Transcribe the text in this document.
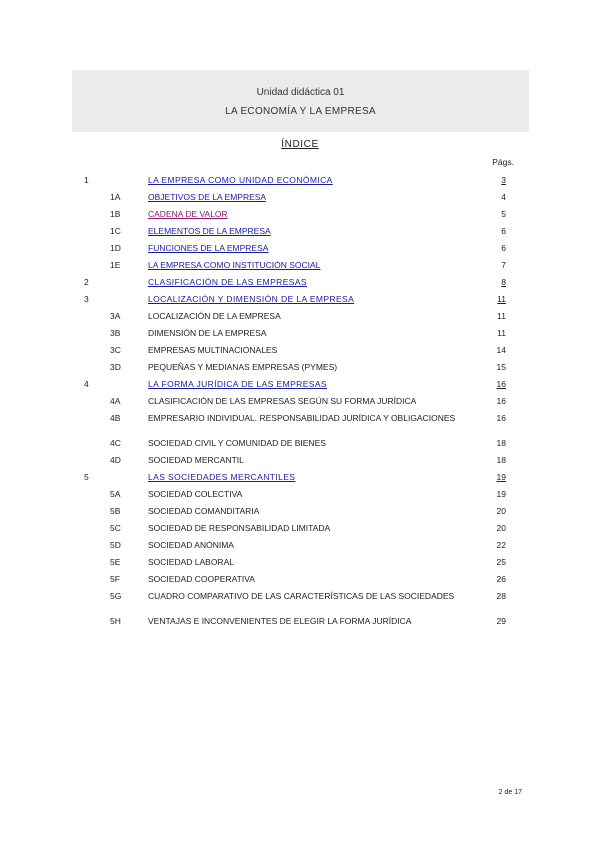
Unidad didáctica 01
LA ECONOMÍA Y LA EMPRESA
ÍNDICE
Págs.
1	LA EMPRESA COMO UNIDAD ECONÓMICA	3
1A	OBJETIVOS DE LA EMPRESA	4
1B	CADENA DE VALOR	5
1C	ELEMENTOS DE LA EMPRESA	6
1D	FUNCIONES DE LA EMPRESA	6
1E	LA EMPRESA COMO INSTITUCIÓN SOCIAL	7
2	CLASIFICACIÓN DE LAS EMPRESAS	8
3	LOCALIZACIÓN Y DIMENSIÓN DE LA EMPRESA	11
3A	LOCALIZACIÓN DE LA EMPRESA	11
3B	DIMENSIÓN DE LA EMPRESA	11
3C	EMPRESAS MULTINACIONALES	14
3D	PEQUEÑAS Y MEDIANAS EMPRESAS (PYMES)	15
4	LA FORMA JURÍDICA DE LAS EMPRESAS	16
4A	CLASIFICACIÓN DE LAS EMPRESAS SEGÚN SU FORMA JURÍDICA	16
4B	EMPRESARIO INDIVIDUAL. RESPONSABILIDAD JURÍDICA Y OBLIGACIONES	16
4C	SOCIEDAD CIVIL Y COMUNIDAD DE BIENES	18
4D	SOCIEDAD MERCANTIL	18
5	LAS SOCIEDADES MERCANTILES	19
5A	SOCIEDAD COLECTIVA	19
5B	SOCIEDAD COMANDITARIA	20
5C	SOCIEDAD DE RESPONSABILIDAD LIMITADA	20
5D	SOCIEDAD ANÓNIMA	22
5E	SOCIEDAD LABORAL	25
5F	SOCIEDAD COOPERATIVA	26
5G	CUADRO COMPARATIVO DE LAS CARACTERÍSTICAS DE LAS SOCIEDADES	28
5H	VENTAJAS E INCONVENIENTES DE ELEGIR LA FORMA JURÍDICA	29
2 de 17
